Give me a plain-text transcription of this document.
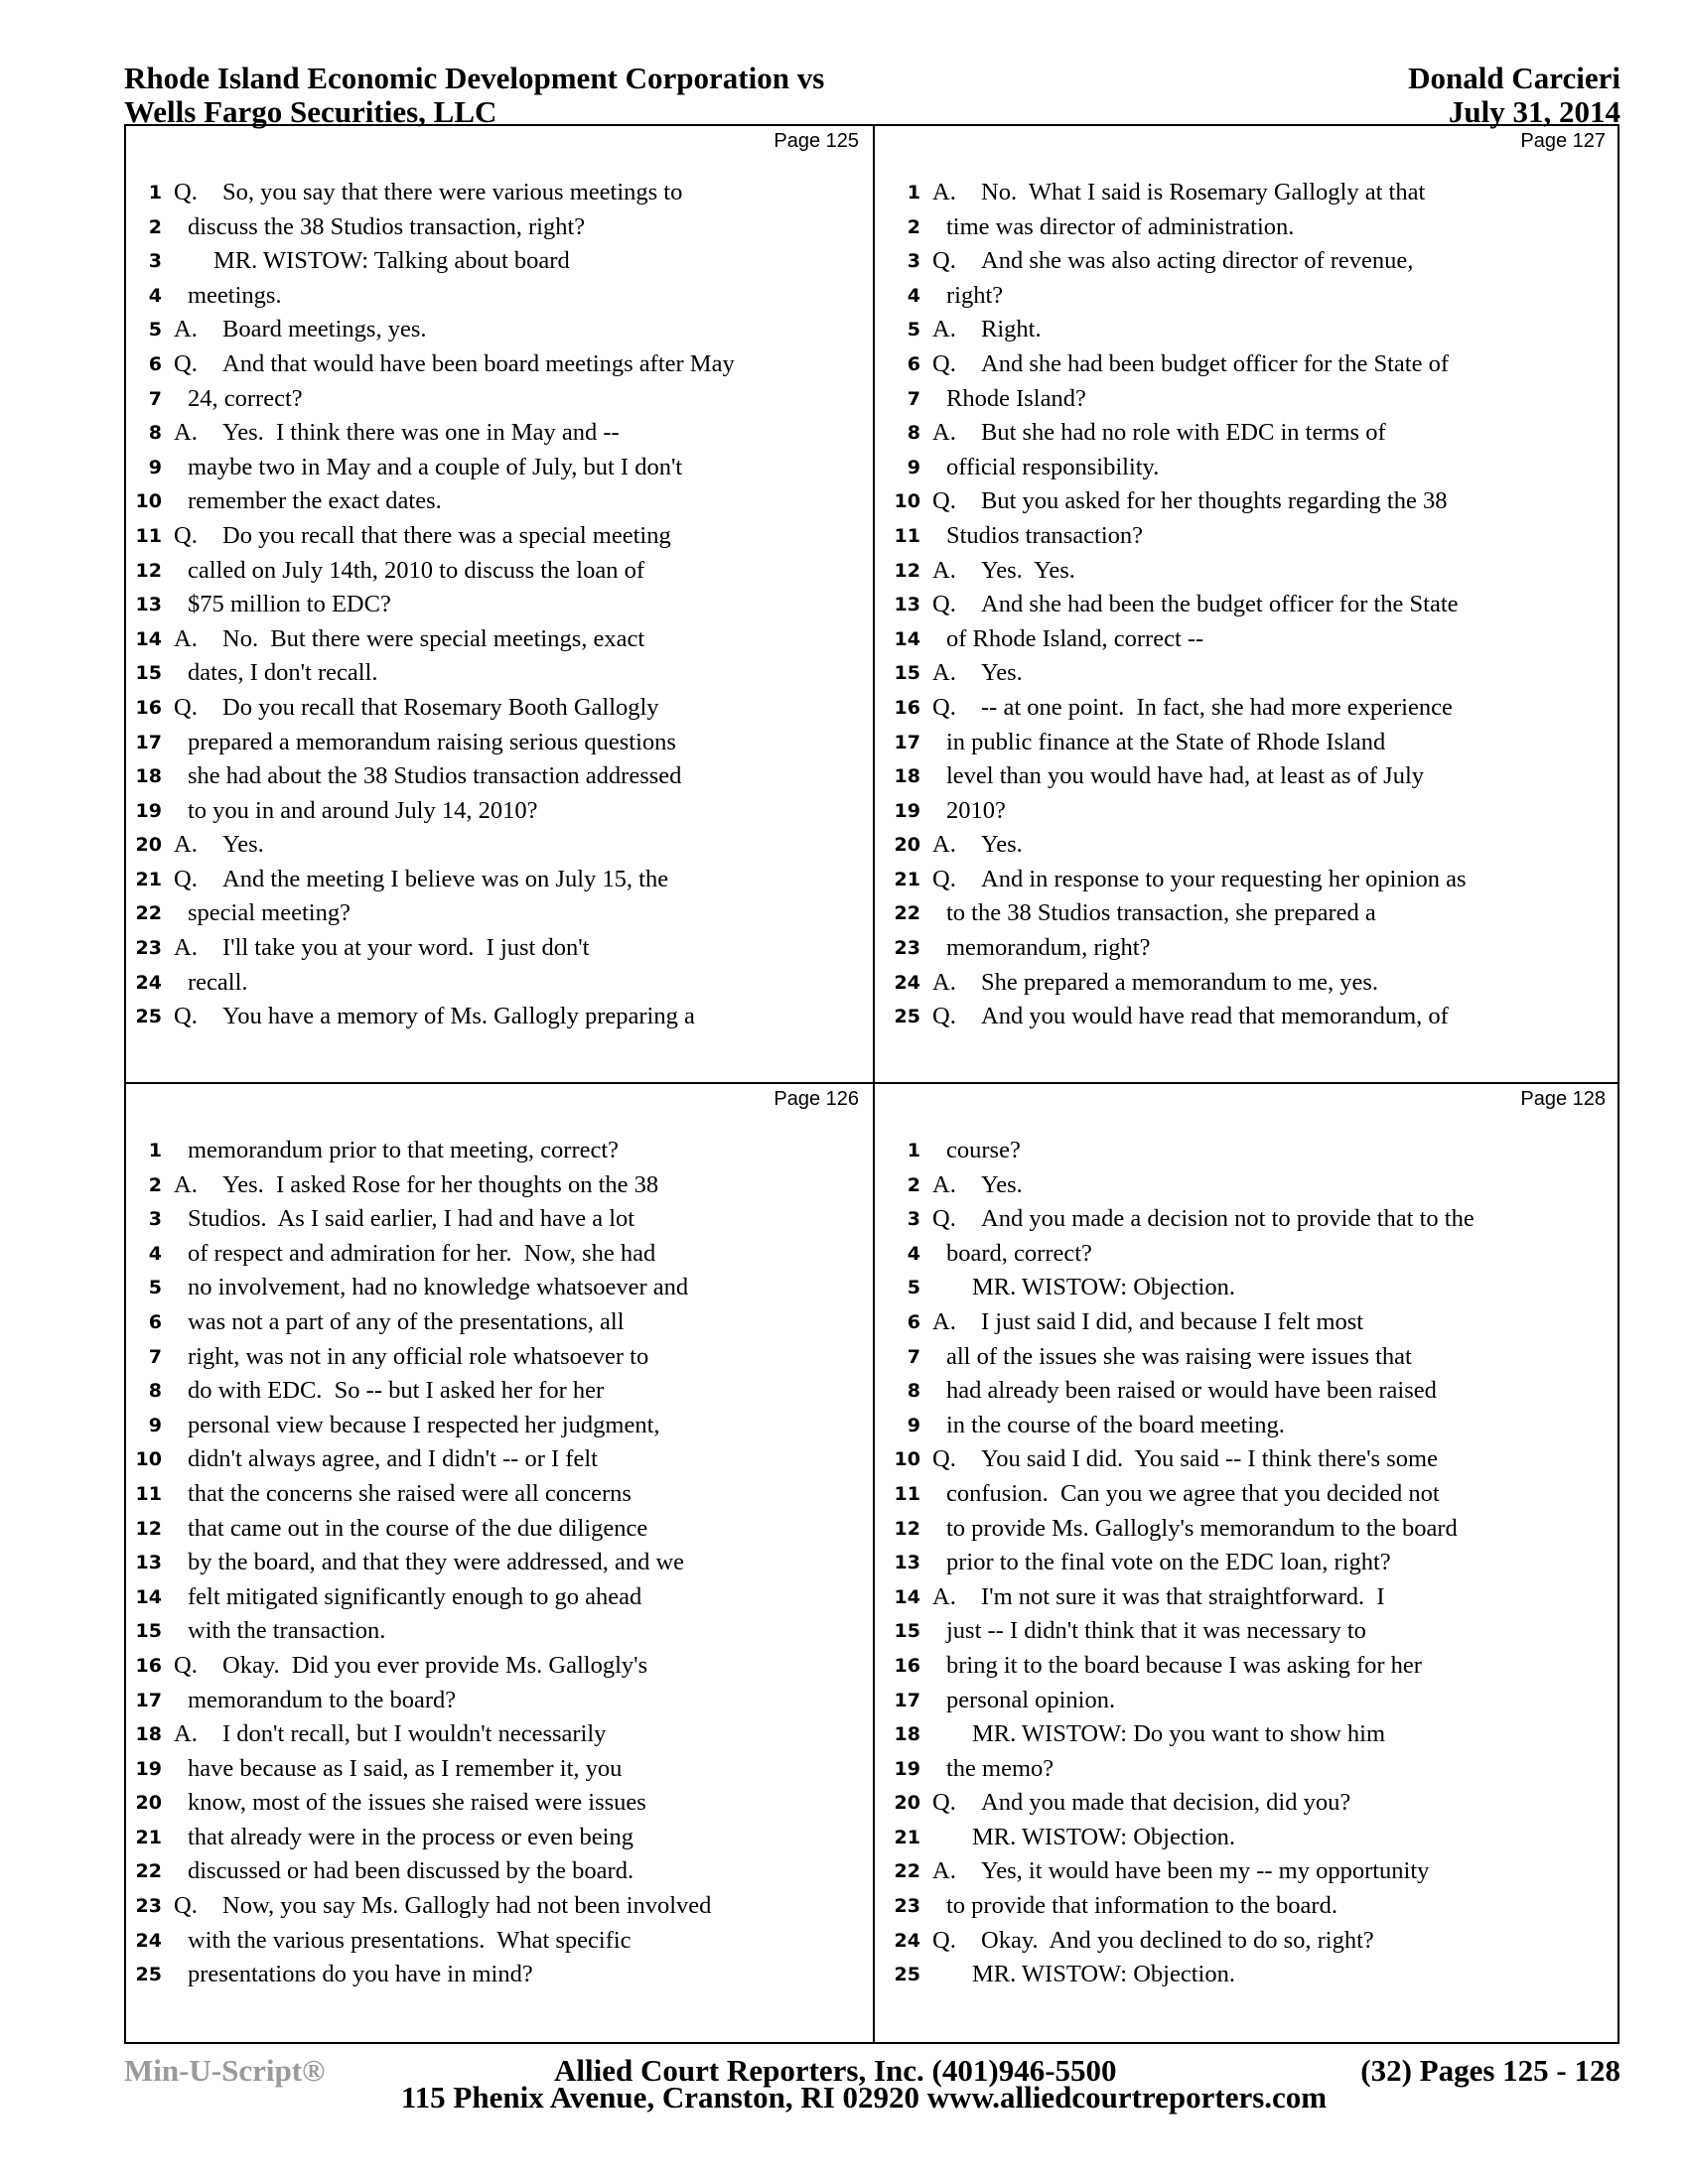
Rhode Island Economic Development Corporation vs
Wells Fargo Securities, LLC
Donald Carcieri
July 31, 2014
Page 125
1 Q. So, you say that there were various meetings to
2 discuss the 38 Studios transaction, right?
3 MR. WISTOW: Talking about board
4 meetings.
5 A. Board meetings, yes.
6 Q. And that would have been board meetings after May
7 24, correct?
8 A. Yes.  I think there was one in May and --
9 maybe two in May and a couple of July, but I don't
10 remember the exact dates.
11 Q. Do you recall that there was a special meeting
12 called on July 14th, 2010 to discuss the loan of
13 $75 million to EDC?
14 A. No.  But there were special meetings, exact
15 dates, I don't recall.
16 Q. Do you recall that Rosemary Booth Gallogly
17 prepared a memorandum raising serious questions
18 she had about the 38 Studios transaction addressed
19 to you in and around July 14, 2010?
20 A. Yes.
21 Q. And the meeting I believe was on July 15, the
22 special meeting?
23 A. I'll take you at your word.  I just don't
24 recall.
25 Q. You have a memory of Ms. Gallogly preparing a
Page 127
1 A. No.  What I said is Rosemary Gallogly at that
2 time was director of administration.
3 Q. And she was also acting director of revenue,
4 right?
5 A. Right.
6 Q. And she had been budget officer for the State of
7 Rhode Island?
8 A. But she had no role with EDC in terms of
9 official responsibility.
10 Q. But you asked for her thoughts regarding the 38
11 Studios transaction?
12 A. Yes.  Yes.
13 Q. And she had been the budget officer for the State
14 of Rhode Island, correct --
15 A. Yes.
16 Q. -- at one point.  In fact, she had more experience
17 in public finance at the State of Rhode Island
18 level than you would have had, at least as of July
19 2010?
20 A. Yes.
21 Q. And in response to your requesting her opinion as
22 to the 38 Studios transaction, she prepared a
23 memorandum, right?
24 A. She prepared a memorandum to me, yes.
25 Q. And you would have read that memorandum, of
Page 126
1 memorandum prior to that meeting, correct?
2 A. Yes.  I asked Rose for her thoughts on the 38
3 Studios.  As I said earlier, I had and have a lot
4 of respect and admiration for her.  Now, she had
5 no involvement, had no knowledge whatsoever and
6 was not a part of any of the presentations, all
7 right, was not in any official role whatsoever to
8 do with EDC.  So -- but I asked her for her
9 personal view because I respected her judgment,
10 didn't always agree, and I didn't -- or I felt
11 that the concerns she raised were all concerns
12 that came out in the course of the due diligence
13 by the board, and that they were addressed, and we
14 felt mitigated significantly enough to go ahead
15 with the transaction.
16 Q. Okay.  Did you ever provide Ms. Gallogly's
17 memorandum to the board?
18 A. I don't recall, but I wouldn't necessarily
19 have because as I said, as I remember it, you
20 know, most of the issues she raised were issues
21 that already were in the process or even being
22 discussed or had been discussed by the board.
23 Q. Now, you say Ms. Gallogly had not been involved
24 with the various presentations.  What specific
25 presentations do you have in mind?
Page 128
1 course?
2 A. Yes.
3 Q. And you made a decision not to provide that to the
4 board, correct?
5 MR. WISTOW: Objection.
6 A. I just said I did, and because I felt most
7 all of the issues she was raising were issues that
8 had already been raised or would have been raised
9 in the course of the board meeting.
10 Q. You said I did.  You said -- I think there's some
11 confusion.  Can you we agree that you decided not
12 to provide Ms. Gallogly's memorandum to the board
13 prior to the final vote on the EDC loan, right?
14 A. I'm not sure it was that straightforward.  I
15 just -- I didn't think that it was necessary to
16 bring it to the board because I was asking for her
17 personal opinion.
18 MR. WISTOW: Do you want to show him
19 the memo?
20 Q. And you made that decision, did you?
21 MR. WISTOW: Objection.
22 A. Yes, it would have been my -- my opportunity
23 to provide that information to the board.
24 Q. Okay.  And you declined to do so, right?
25 MR. WISTOW: Objection.
Min-U-Script®	Allied Court Reporters, Inc. (401)946-5500	(32) Pages 125 - 128
115 Phenix Avenue, Cranston, RI 02920 www.alliedcourtreporters.com
